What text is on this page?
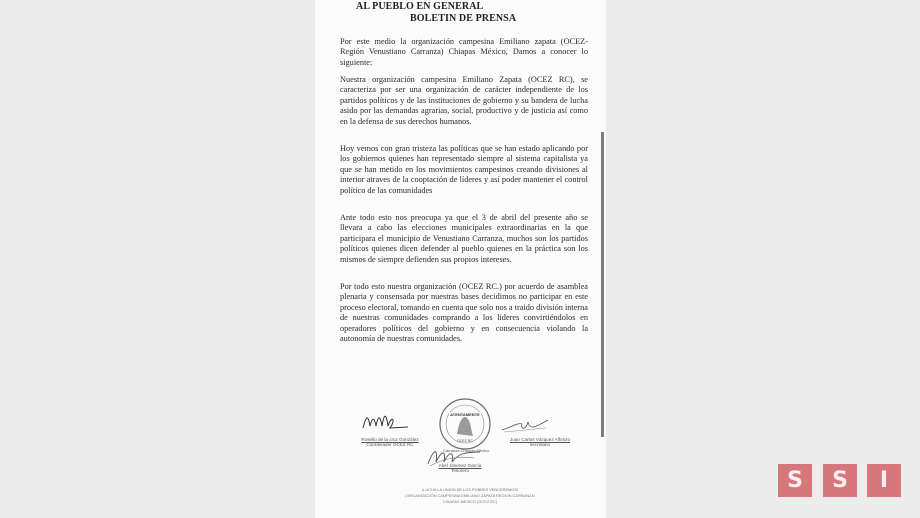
AL PUEBLO EN GENERAL
BOLETIN DE PRENSA

Por este medio la organización campesina Emiliano zapata (OCEZ- Región Venustiano Carranza) Chiapas México, Damos a conocer lo siguiente:

Nuestra organización campesina Emiliano Zapata (OCEZ RC), se caracteriza por ser una organización de carácter independiente de los partidos políticos y de las instituciones de gobierno y su bandera de lucha asido por las demandas agrarias, social, productivo y de justicia así como en la defensa de sus derechos humanos.

Hoy vemos con gran tristeza las políticas que se han estado aplicando por los gobiernos quienes han representado siempre al sistema capitalista ya que se han metido en los movimientos campesinos creando divisiones al interior atraves de la cooptación de líderes y así poder mantener el control político de las comunidades

Ante todo esto nos preocupa ya que el 3 de abril del presente año se llevara a cabo las elecciones municipales extraordinarias en la que participara el municipio de Venustiano Carranza, muchos son los partidos políticos quienes dicen defender al pueblo quienes en la práctica son los mismos de siempre defienden sus propios intereses.

Por todo esto nuestra organización (OCEZ RC.) por acuerdo de asamblea plenaria y consensada por nuestras bases decidimos no participar en este proceso electoral, tomando en cuenta que solo nos a traido división interna de nuestras comunidades comprando a los lideres convirtiéndolos en operadores políticos del gobierno y en consecuencia violando la autonomía de nuestras comunidades.

Roselio de la cruz González
Coordinador OCEZ RC
ATENTAMENTE
OCEZ RC
Carranza Chiapas México
Abel Jimenez García
Tesorero
Juan Carlos Vázquez Alfonzo
secretario
¡LUCHA LA UNION DE LOS POBRES VENCEREMOS!
¡ORGANIZACIÓN CAMPESINA EMILIANO ZAPATA REGION CARRANZA!
CHIAPAS MEXICO (OCEZ RC)
S	S	I
